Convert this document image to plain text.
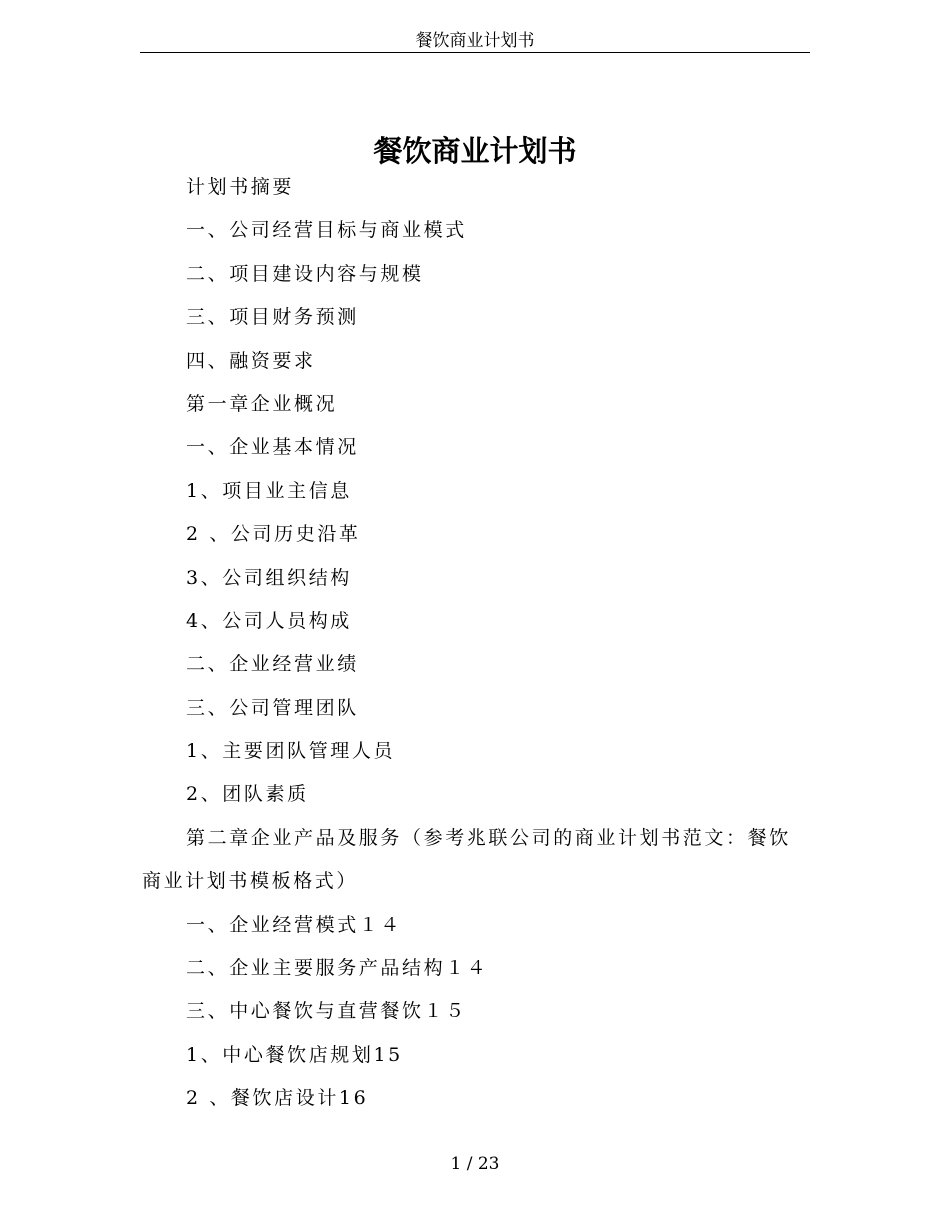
餐饮商业计划书
餐饮商业计划书
计划书摘要
一、公司经营目标与商业模式
二、项目建设内容与规模
三、项目财务预测
四、融资要求
第一章企业概况
一、企业基本情况
1、项目业主信息
2 、公司历史沿革
3、公司组织结构
4、公司人员构成
二、企业经营业绩
三、公司管理团队
1、主要团队管理人员
2、团队素质
第二章企业产品及服务（参考兆联公司的商业计划书范文：餐饮
商业计划书模板格式）
一、企业经营模式１４
二、企业主要服务产品结构１４
三、中心餐饮与直营餐饮１５
1、中心餐饮店规划15
2 、餐饮店设计16
1 / 23
